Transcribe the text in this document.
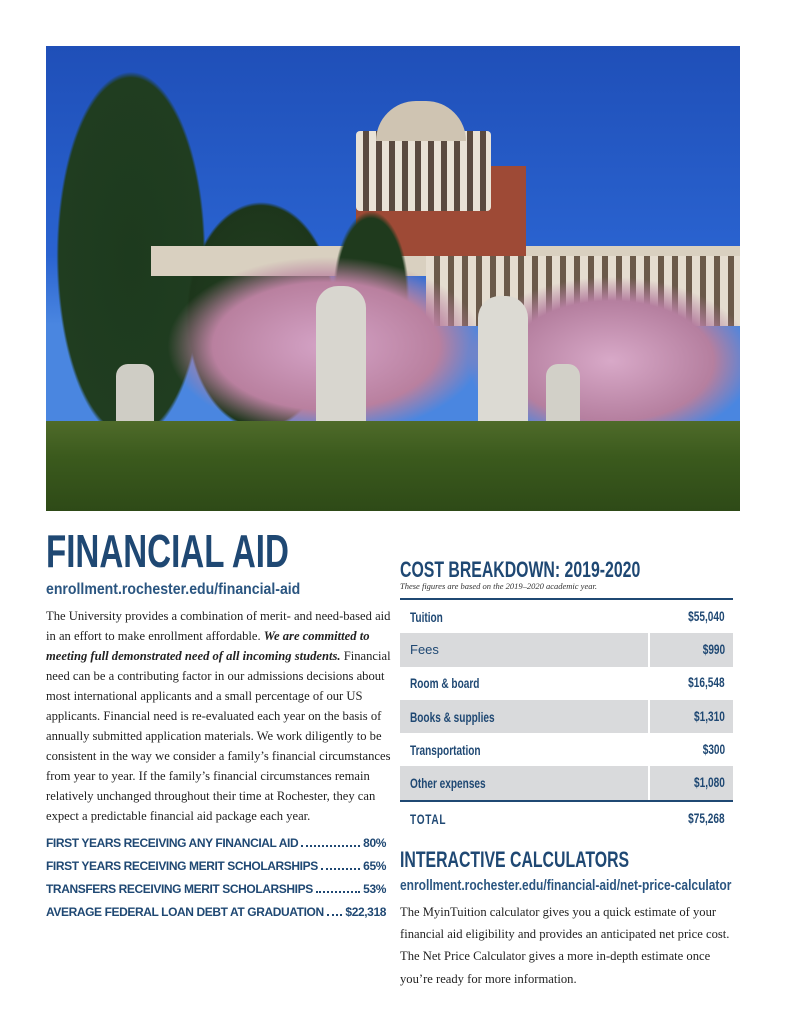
FINANCIAL AID
enrollment.rochester.edu/financial-aid
The University provides a combination of merit- and need-based aid in an effort to make enrollment affordable. We are committed to meeting full demonstrated need of all incoming students. Financial need can be a contributing factor in our admissions decisions about most international applicants and a small percentage of our US applicants. Financial need is re-evaluated each year on the basis of annually submitted application materials. We work diligently to be consistent in the way we consider a family’s financial circumstances from year to year. If the family’s financial circumstances remain relatively unchanged throughout their time at Rochester, they can expect a predictable financial aid package each year.
FIRST YEARS RECEIVING ANY FINANCIAL AID	80%
FIRST YEARS RECEIVING MERIT SCHOLARSHIPS	65%
TRANSFERS RECEIVING MERIT SCHOLARSHIPS	53%
AVERAGE FEDERAL LOAN DEBT AT GRADUATION $22,318
COST BREAKDOWN: 2019-2020
These figures are based on the 2019–2020 academic year.
Tuition	$55,040
Fees	$990
Room & board	$16,548
Books & supplies	$1,310
Transportation	$300
Other expenses	$1,080
TOTAL	$75,268
INTERACTIVE CALCULATORS
enrollment.rochester.edu/financial-aid/net-price-calculator
The MyinTuition calculator gives you a quick estimate of your financial aid eligibility and provides an anticipated net price cost. The Net Price Calculator gives a more in-depth estimate once you’re ready for more information.
